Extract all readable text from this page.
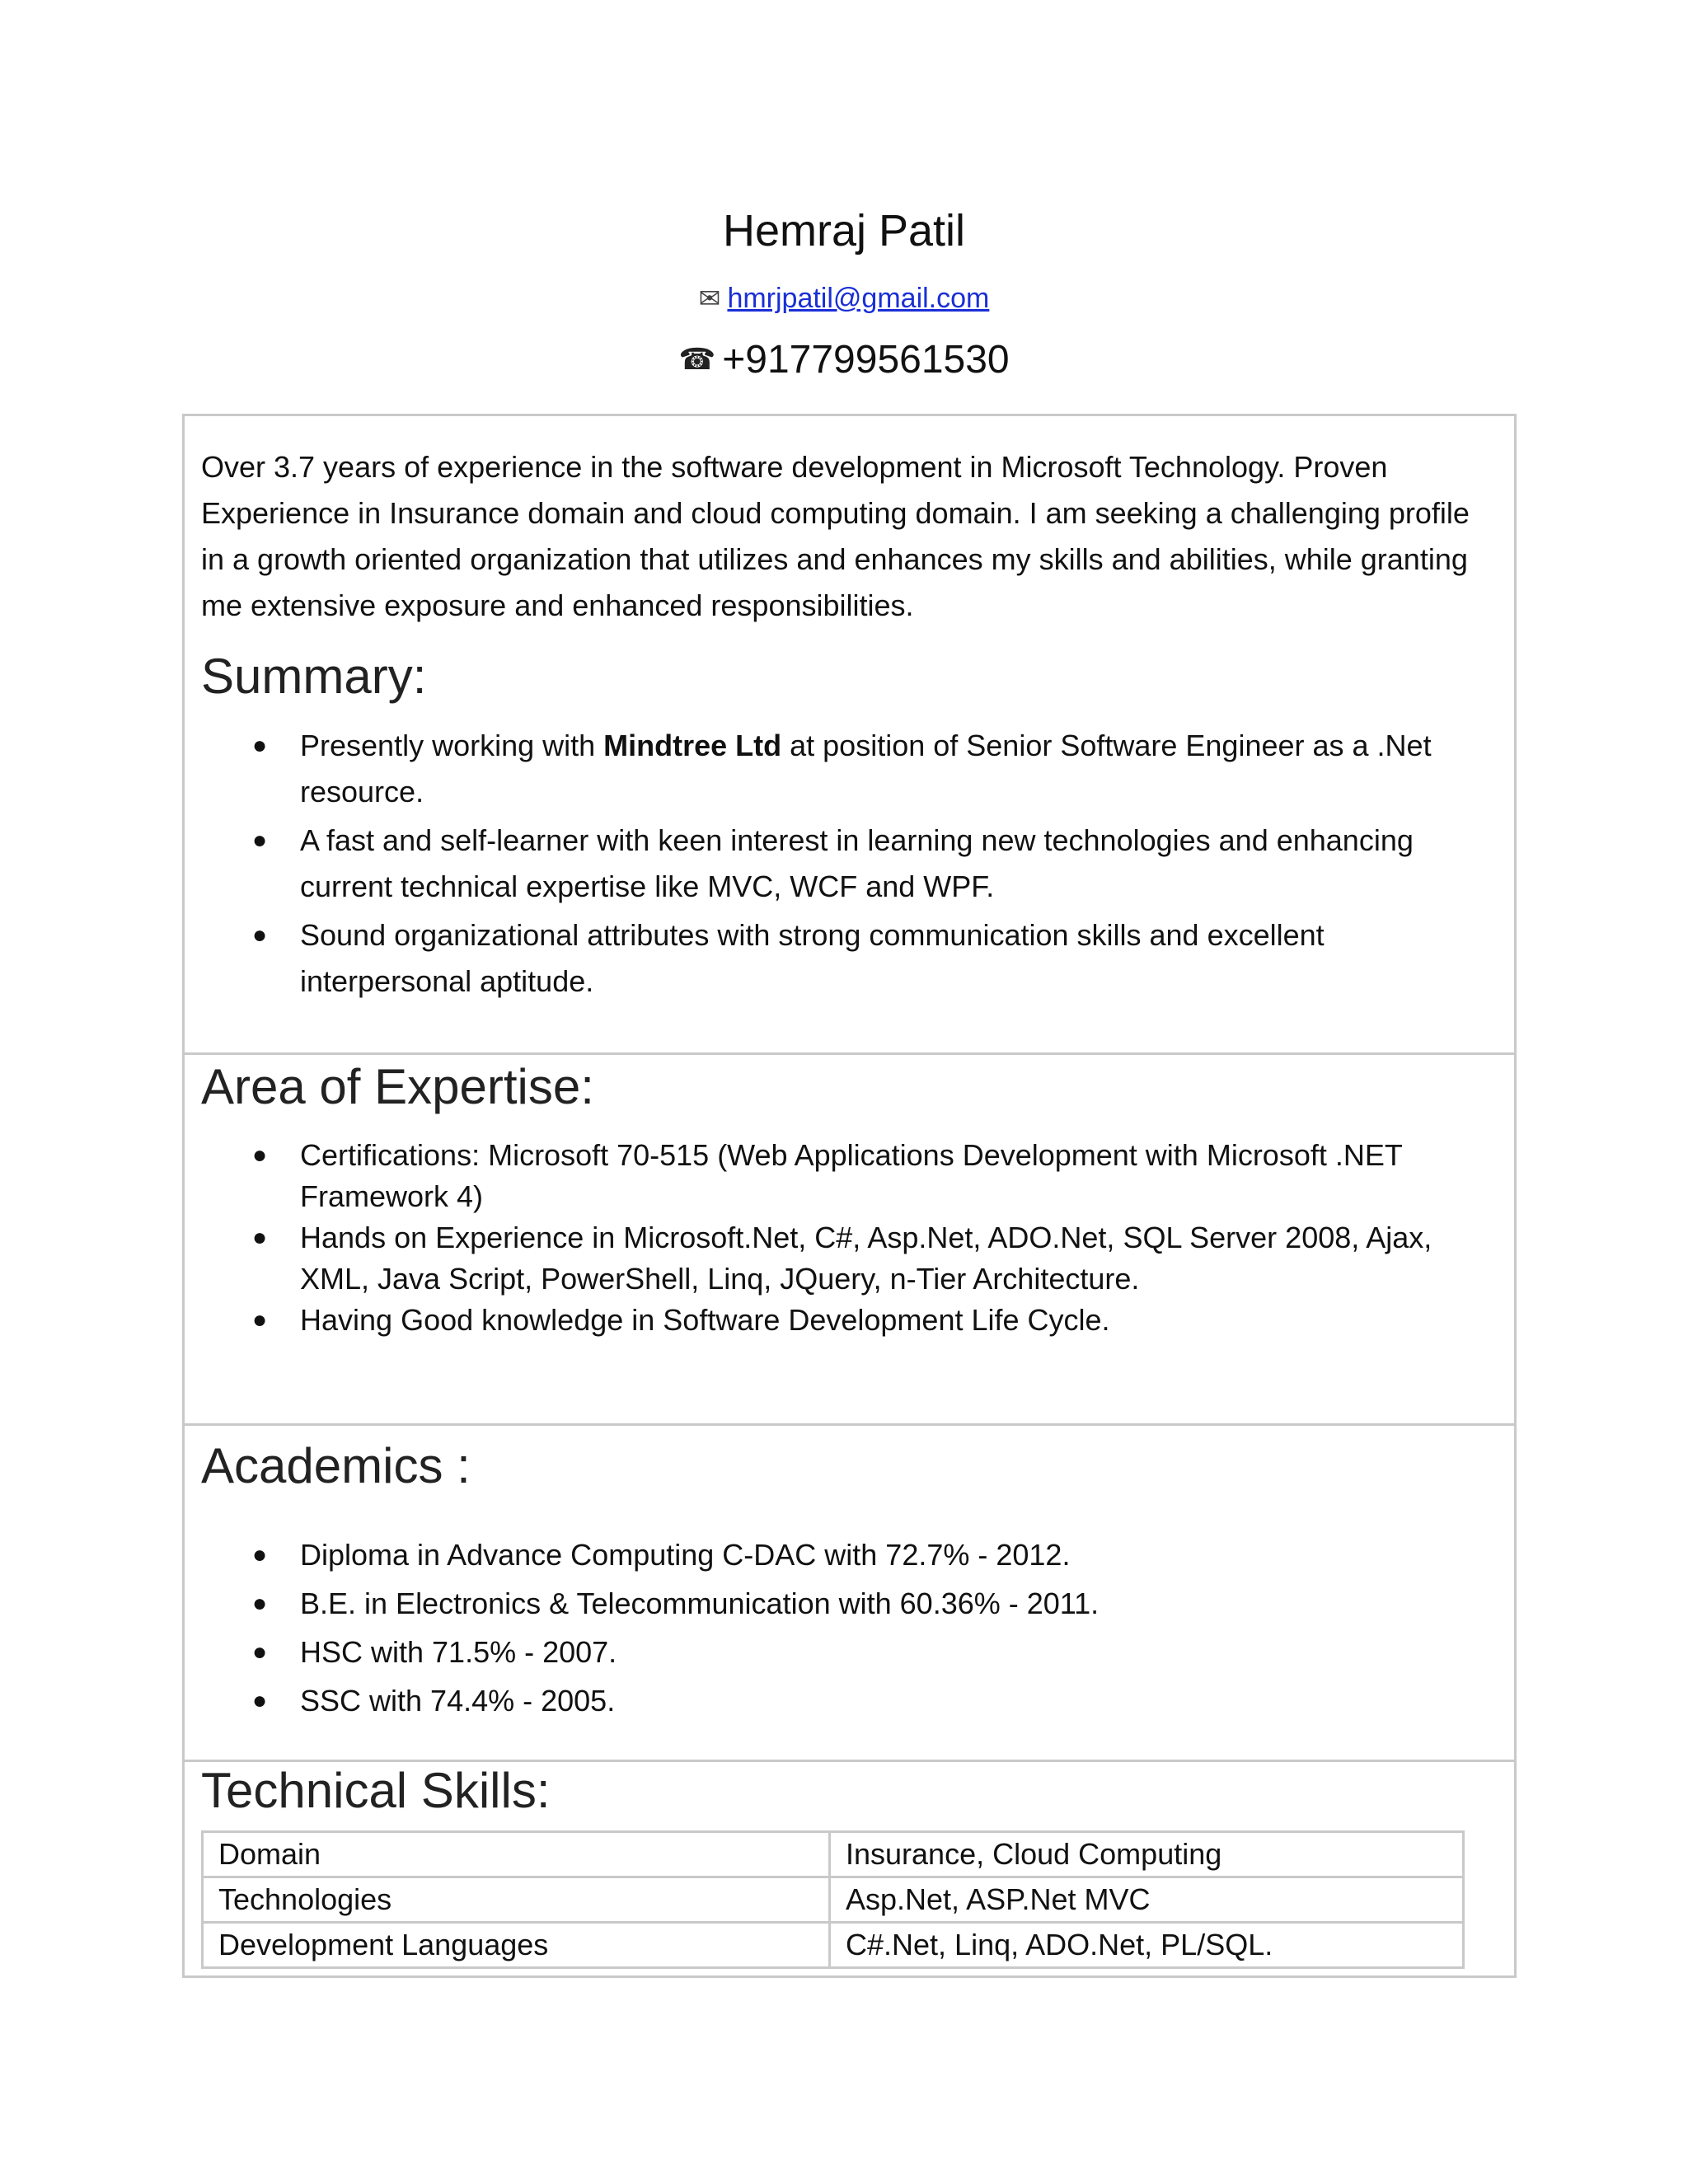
Hemraj Patil
✉ hmrjpatil@gmail.com
☎ +917799561530
Over 3.7 years of experience in the software development in Microsoft Technology. Proven Experience in Insurance domain and cloud computing domain. I am seeking a challenging profile in a growth oriented organization that utilizes and enhances my skills and abilities, while granting me extensive exposure and enhanced responsibilities.
Summary:
● Presently working with Mindtree Ltd at position of Senior Software Engineer as a .Net resource.
● A fast and self-learner with keen interest in learning new technologies and enhancing current technical expertise like MVC, WCF and WPF.
● Sound organizational attributes with strong communication skills and excellent interpersonal aptitude.
Area of Expertise:
● Certifications: Microsoft 70-515 (Web Applications Development with Microsoft .NET Framework 4)
● Hands on Experience in Microsoft.Net, C#, Asp.Net, ADO.Net, SQL Server 2008, Ajax, XML, Java Script, PowerShell, Linq, JQuery, n-Tier Architecture.
● Having Good knowledge in Software Development Life Cycle.
Academics :
● Diploma in Advance Computing C-DAC with 72.7% - 2012.
● B.E. in Electronics & Telecommunication with 60.36% - 2011.
● HSC with 71.5% - 2007.
● SSC with 74.4% - 2005.
Technical Skills:
Domain	Insurance, Cloud Computing
Technologies	Asp.Net, ASP.Net MVC
Development Languages	C#.Net, Linq, ADO.Net, PL/SQL.
